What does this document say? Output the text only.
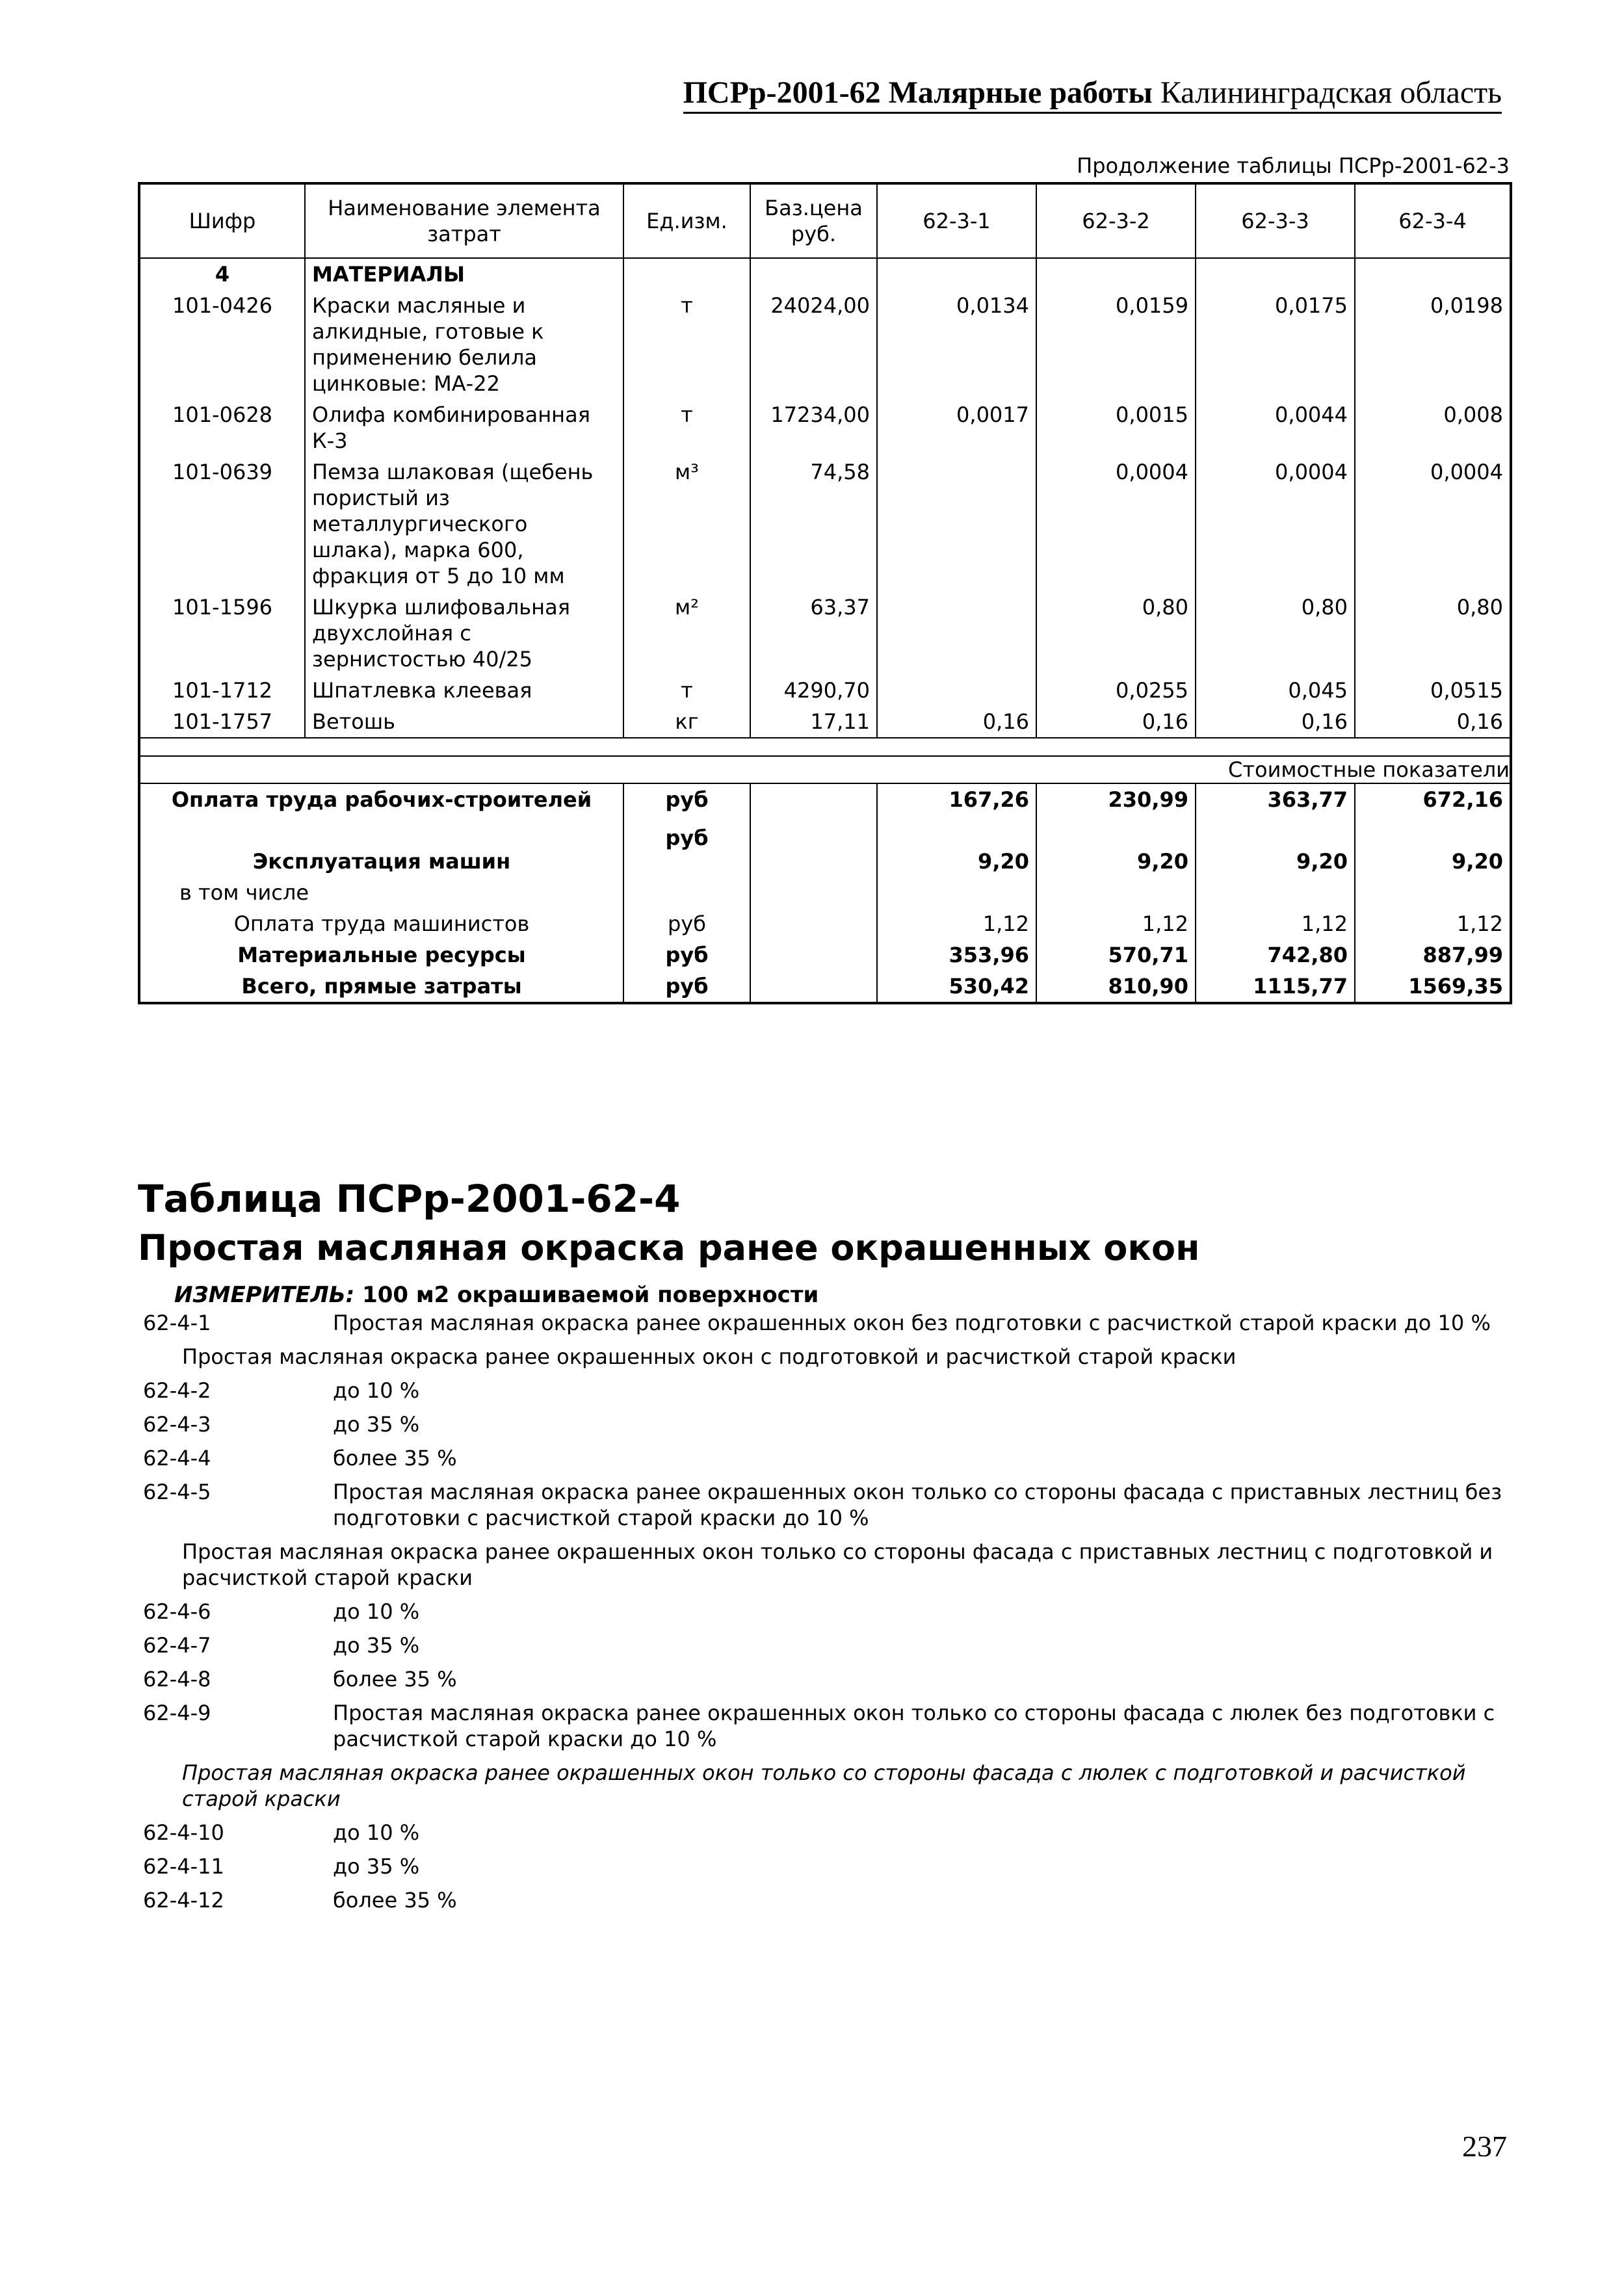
ПСРр-2001-62 Малярные работы Калининградская область
Продолжение таблицы ПСРр-2001-62-3
Шифр	Наименование элемента затрат	Ед.изм.	Баз.цена руб.	62-3-1	62-3-2	62-3-3	62-3-4
4	МАТЕРИАЛЫ						
101-0426	Краски масляные и алкидные, готовые к применению белила цинковые: МА-22	т	24024,00	0,0134	0,0159	0,0175	0,0198
101-0628	Олифа комбинированная К-3	т	17234,00	0,0017	0,0015	0,0044	0,008
101-0639	Пемза шлаковая (щебень пористый из металлургического шлака), марка 600, фракция от 5 до 10 мм	м³	74,58		0,0004	0,0004	0,0004
101-1596	Шкурка шлифовальная двухслойная с зернистостью 40/25	м²	63,37		0,80	0,80	0,80
101-1712	Шпатлевка клеевая	т	4290,70		0,0255	0,045	0,0515
101-1757	Ветошь	кг	17,11	0,16	0,16	0,16	0,16

Стоимостные показатели							
Оплата труда рабочих-строителей		руб		167,26	230,99	363,77	672,16
Эксплуатация машин		руб		9,20	9,20	9,20	9,20
в том числе							
Оплата труда машинистов		руб		1,12	1,12	1,12	1,12
Материальные ресурсы		руб		353,96	570,71	742,80	887,99
Всего, прямые затраты		руб		530,42	810,90	1115,77	1569,35
Таблица ПСРр-2001-62-4
Простая масляная окраска ранее окрашенных окон
ИЗМЕРИТЕЛЬ: 100 м2 окрашиваемой поверхности
62-4-1	Простая масляная окраска ранее окрашенных окон без подготовки с расчисткой старой краски до 10 %
Простая масляная окраска ранее окрашенных окон с подготовкой и расчисткой старой краски
62-4-2	до 10 %
62-4-3	до 35 %
62-4-4	более 35 %
62-4-5	Простая масляная окраска ранее окрашенных окон только со стороны фасада с приставных лестниц без подготовки с расчисткой старой краски до 10 %
Простая масляная окраска ранее окрашенных окон только со стороны фасада с приставных лестниц с подготовкой и расчисткой старой краски
62-4-6	до 10 %
62-4-7	до 35 %
62-4-8	более 35 %
62-4-9	Простая масляная окраска ранее окрашенных окон только со стороны фасада с люлек без подготовки с расчисткой старой краски до 10 %
Простая масляная окраска ранее окрашенных окон только со стороны фасада с люлек с подготовкой и расчисткой старой краски
62-4-10	до 10 %
62-4-11	до 35 %
62-4-12	более 35 %
237
